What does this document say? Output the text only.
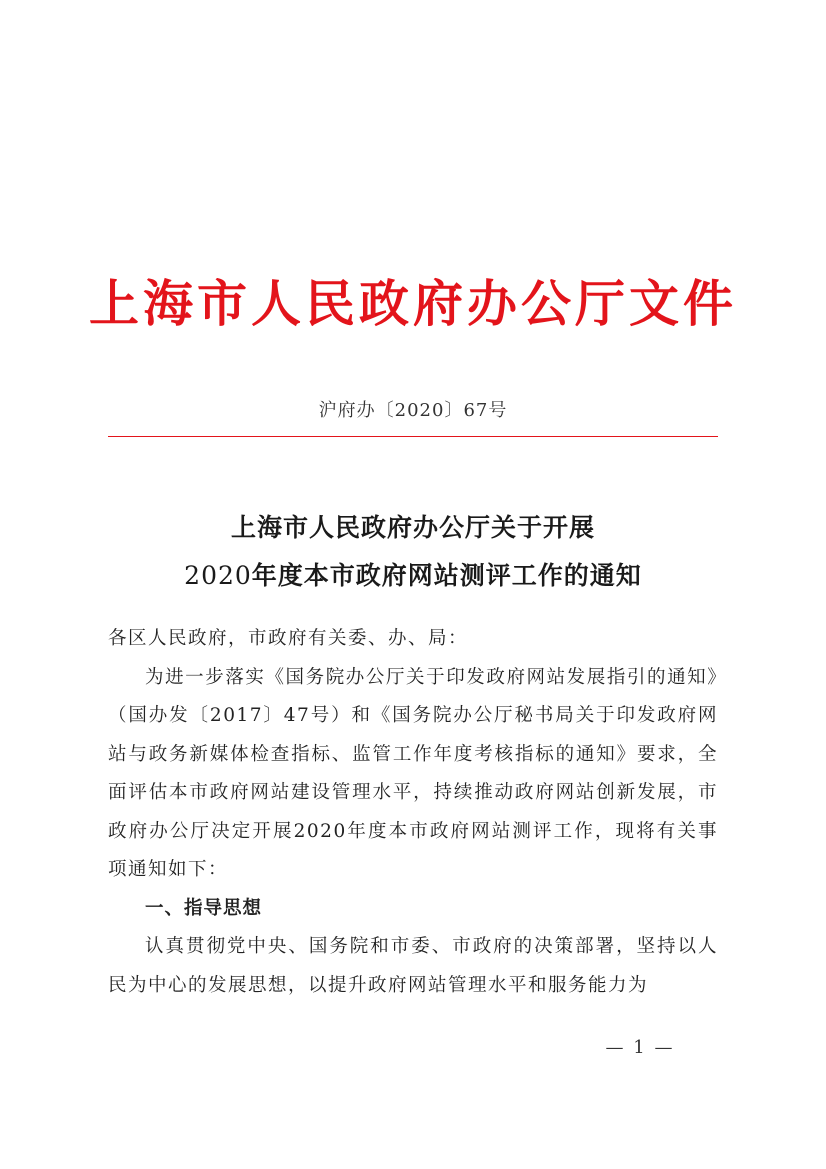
上海市人民政府办公厅文件
沪府办〔2020〕67号
上海市人民政府办公厅关于开展
2020年度本市政府网站测评工作的通知

各区人民政府，市政府有关委、办、局：

为进一步落实《国务院办公厅关于印发政府网站发展指引的通知》（国办发〔2017〕47号）和《国务院办公厅秘书局关于印发政府网站与政务新媒体检查指标、监管工作年度考核指标的通知》要求，全面评估本市政府网站建设管理水平，持续推动政府网站创新发展，市政府办公厅决定开展2020年度本市政府网站测评工作，现将有关事项通知如下：

一、指导思想

认真贯彻党中央、国务院和市委、市政府的决策部署，坚持以人民为中心的发展思想，以提升政府网站管理水平和服务能力为

— 1 —
